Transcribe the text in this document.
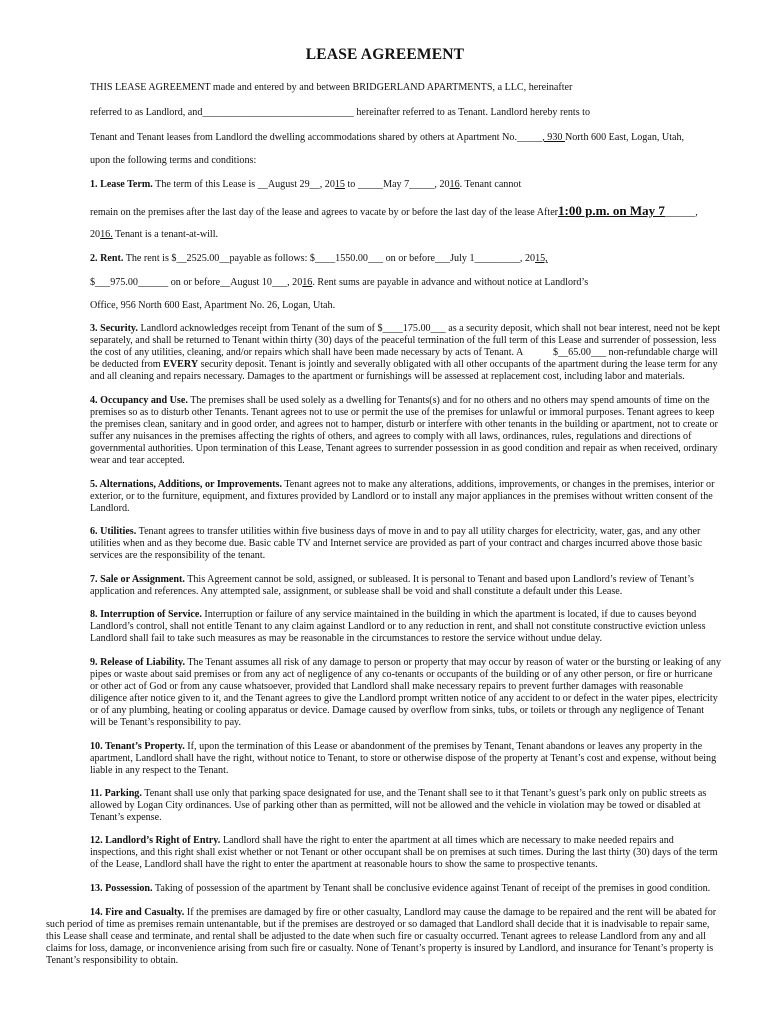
LEASE AGREEMENT
THIS LEASE AGREEMENT made and entered by and between BRIDGERLAND APARTMENTS, a LLC, hereinafter
referred to as Landlord, and______________________________ hereinafter referred to as Tenant. Landlord hereby rents to
Tenant and Tenant leases from Landlord the dwelling accommodations shared by others at Apartment No._____, 930 North 600 East, Logan, Utah,
upon the following terms and conditions:
1. Lease Term. The term of this Lease is __August 29__, 2015 to _____May 7_____, 2016. Tenant cannot
remain on the premises after the last day of the lease and agrees to vacate by or before the last day of the lease After1:00 p.m. on May 7______,
2016. Tenant is a tenant-at-will.
2. Rent. The rent is $__2525.00__payable as follows: $____1550.00___ on or before___July 1_________, 2015,
$___975.00______ on or before__August 10___, 2016. Rent sums are payable in advance and without notice at Landlord’s
Office, 956 North 600 East, Apartment No. 26, Logan, Utah.
3. Security. Landlord acknowledges receipt from Tenant of the sum of $____175.00___ as a security deposit, which shall not bear interest, need not be kept separately, and shall be returned to Tenant within thirty (30) days of the peaceful termination of the full term of this Lease and surrender of possession, less the cost of any utilities, cleaning, and/or repairs which shall have been made necessary by acts of Tenant. A            $__65.00___ non-refundable charge will be deducted from EVERY security deposit. Tenant is jointly and severally obligated with all other occupants of the apartment during the lease term for any and all cleaning and repairs necessary. Damages to the apartment or furnishings will be assessed at replacement cost, including labor and materials.
4. Occupancy and Use. The premises shall be used solely as a dwelling for Tenants(s) and for no others and no others may spend amounts of time on the premises so as to disturb other Tenants. Tenant agrees not to use or permit the use of the premises for unlawful or immoral purposes. Tenant agrees to keep the premises clean, sanitary and in good order, and agrees not to hamper, disturb or interfere with other tenants in the building or apartment, not to create or suffer any nuisances in the premises affecting the rights of others, and agrees to comply with all laws, ordinances, rules, regulations and directions of governmental authorities. Upon termination of this Lease, Tenant agrees to surrender possession in as good condition and repair as when received, ordinary wear and tear accepted.
5. Alternations, Additions, or Improvements. Tenant agrees not to make any alterations, additions, improvements, or changes in the premises, interior or exterior, or to the furniture, equipment, and fixtures provided by Landlord or to install any major appliances in the premises without written consent of the Landlord.
6. Utilities. Tenant agrees to transfer utilities within five business days of move in and to pay all utility charges for electricity, water, gas, and any other utilities when and as they become due. Basic cable TV and Internet service are provided as part of your contract and charges incurred above those basic services are the responsibility of the tenant.
7. Sale or Assignment. This Agreement cannot be sold, assigned, or subleased. It is personal to Tenant and based upon Landlord’s review of Tenant’s application and references. Any attempted sale, assignment, or sublease shall be void and shall constitute a default under this Lease.
8. Interruption of Service. Interruption or failure of any service maintained in the building in which the apartment is located, if due to causes beyond Landlord’s control, shall not entitle Tenant to any claim against Landlord or to any reduction in rent, and shall not constitute constructive eviction unless Landlord shall fail to take such measures as may be reasonable in the circumstances to restore the service without undue delay.
9. Release of Liability. The Tenant assumes all risk of any damage to person or property that may occur by reason of water or the bursting or leaking of any pipes or waste about said premises or from any act of negligence of any co-tenants or occupants of the building or of any other person, or fire or hurricane or other act of God or from any cause whatsoever, provided that Landlord shall make necessary repairs to prevent further damages with reasonable diligence after notice given to it, and the Tenant agrees to give the Landlord prompt written notice of any accident to or defect in the water pipes, electricity or of any plumbing, heating or cooling apparatus or device. Damage caused by overflow from sinks, tubs, or toilets or through any negligence of Tenant will be Tenant’s responsibility to pay.
10. Tenant’s Property. If, upon the termination of this Lease or abandonment of the premises by Tenant, Tenant abandons or leaves any property in the apartment, Landlord shall have the right, without notice to Tenant, to store or otherwise dispose of the property at Tenant’s cost and expense, without being liable in any respect to the Tenant.
11. Parking. Tenant shall use only that parking space designated for use, and the Tenant shall see to it that Tenant’s guest’s park only on public streets as allowed by Logan City ordinances. Use of parking other than as permitted, will not be allowed and the vehicle in violation may be towed or disabled at Tenant’s expense.
12. Landlord’s Right of Entry. Landlord shall have the right to enter the apartment at all times which are necessary to make needed repairs and inspections, and this right shall exist whether or not Tenant or other occupant shall be on premises at such times. During the last thirty (30) days of the term of the Lease, Landlord shall have the right to enter the apartment at reasonable hours to show the same to prospective tenants.
13. Possession. Taking of possession of the apartment by Tenant shall be conclusive evidence against Tenant of receipt of the premises in good condition.
14. Fire and Casualty. If the premises are damaged by fire or other casualty, Landlord may cause the damage to be repaired and the rent will be abated for such period of time as premises remain untenantable, but if the premises are destroyed or so damaged that Landlord shall decide that it is inadvisable to repair same, this Lease shall cease and terminate, and rental shall be adjusted to the date when such fire or casualty occurred. Tenant agrees to release Landlord from any and all claims for loss, damage, or inconvenience arising from such fire or casualty. None of Tenant’s property is insured by Landlord, and insurance for Tenant’s property is Tenant’s responsibility to obtain.
